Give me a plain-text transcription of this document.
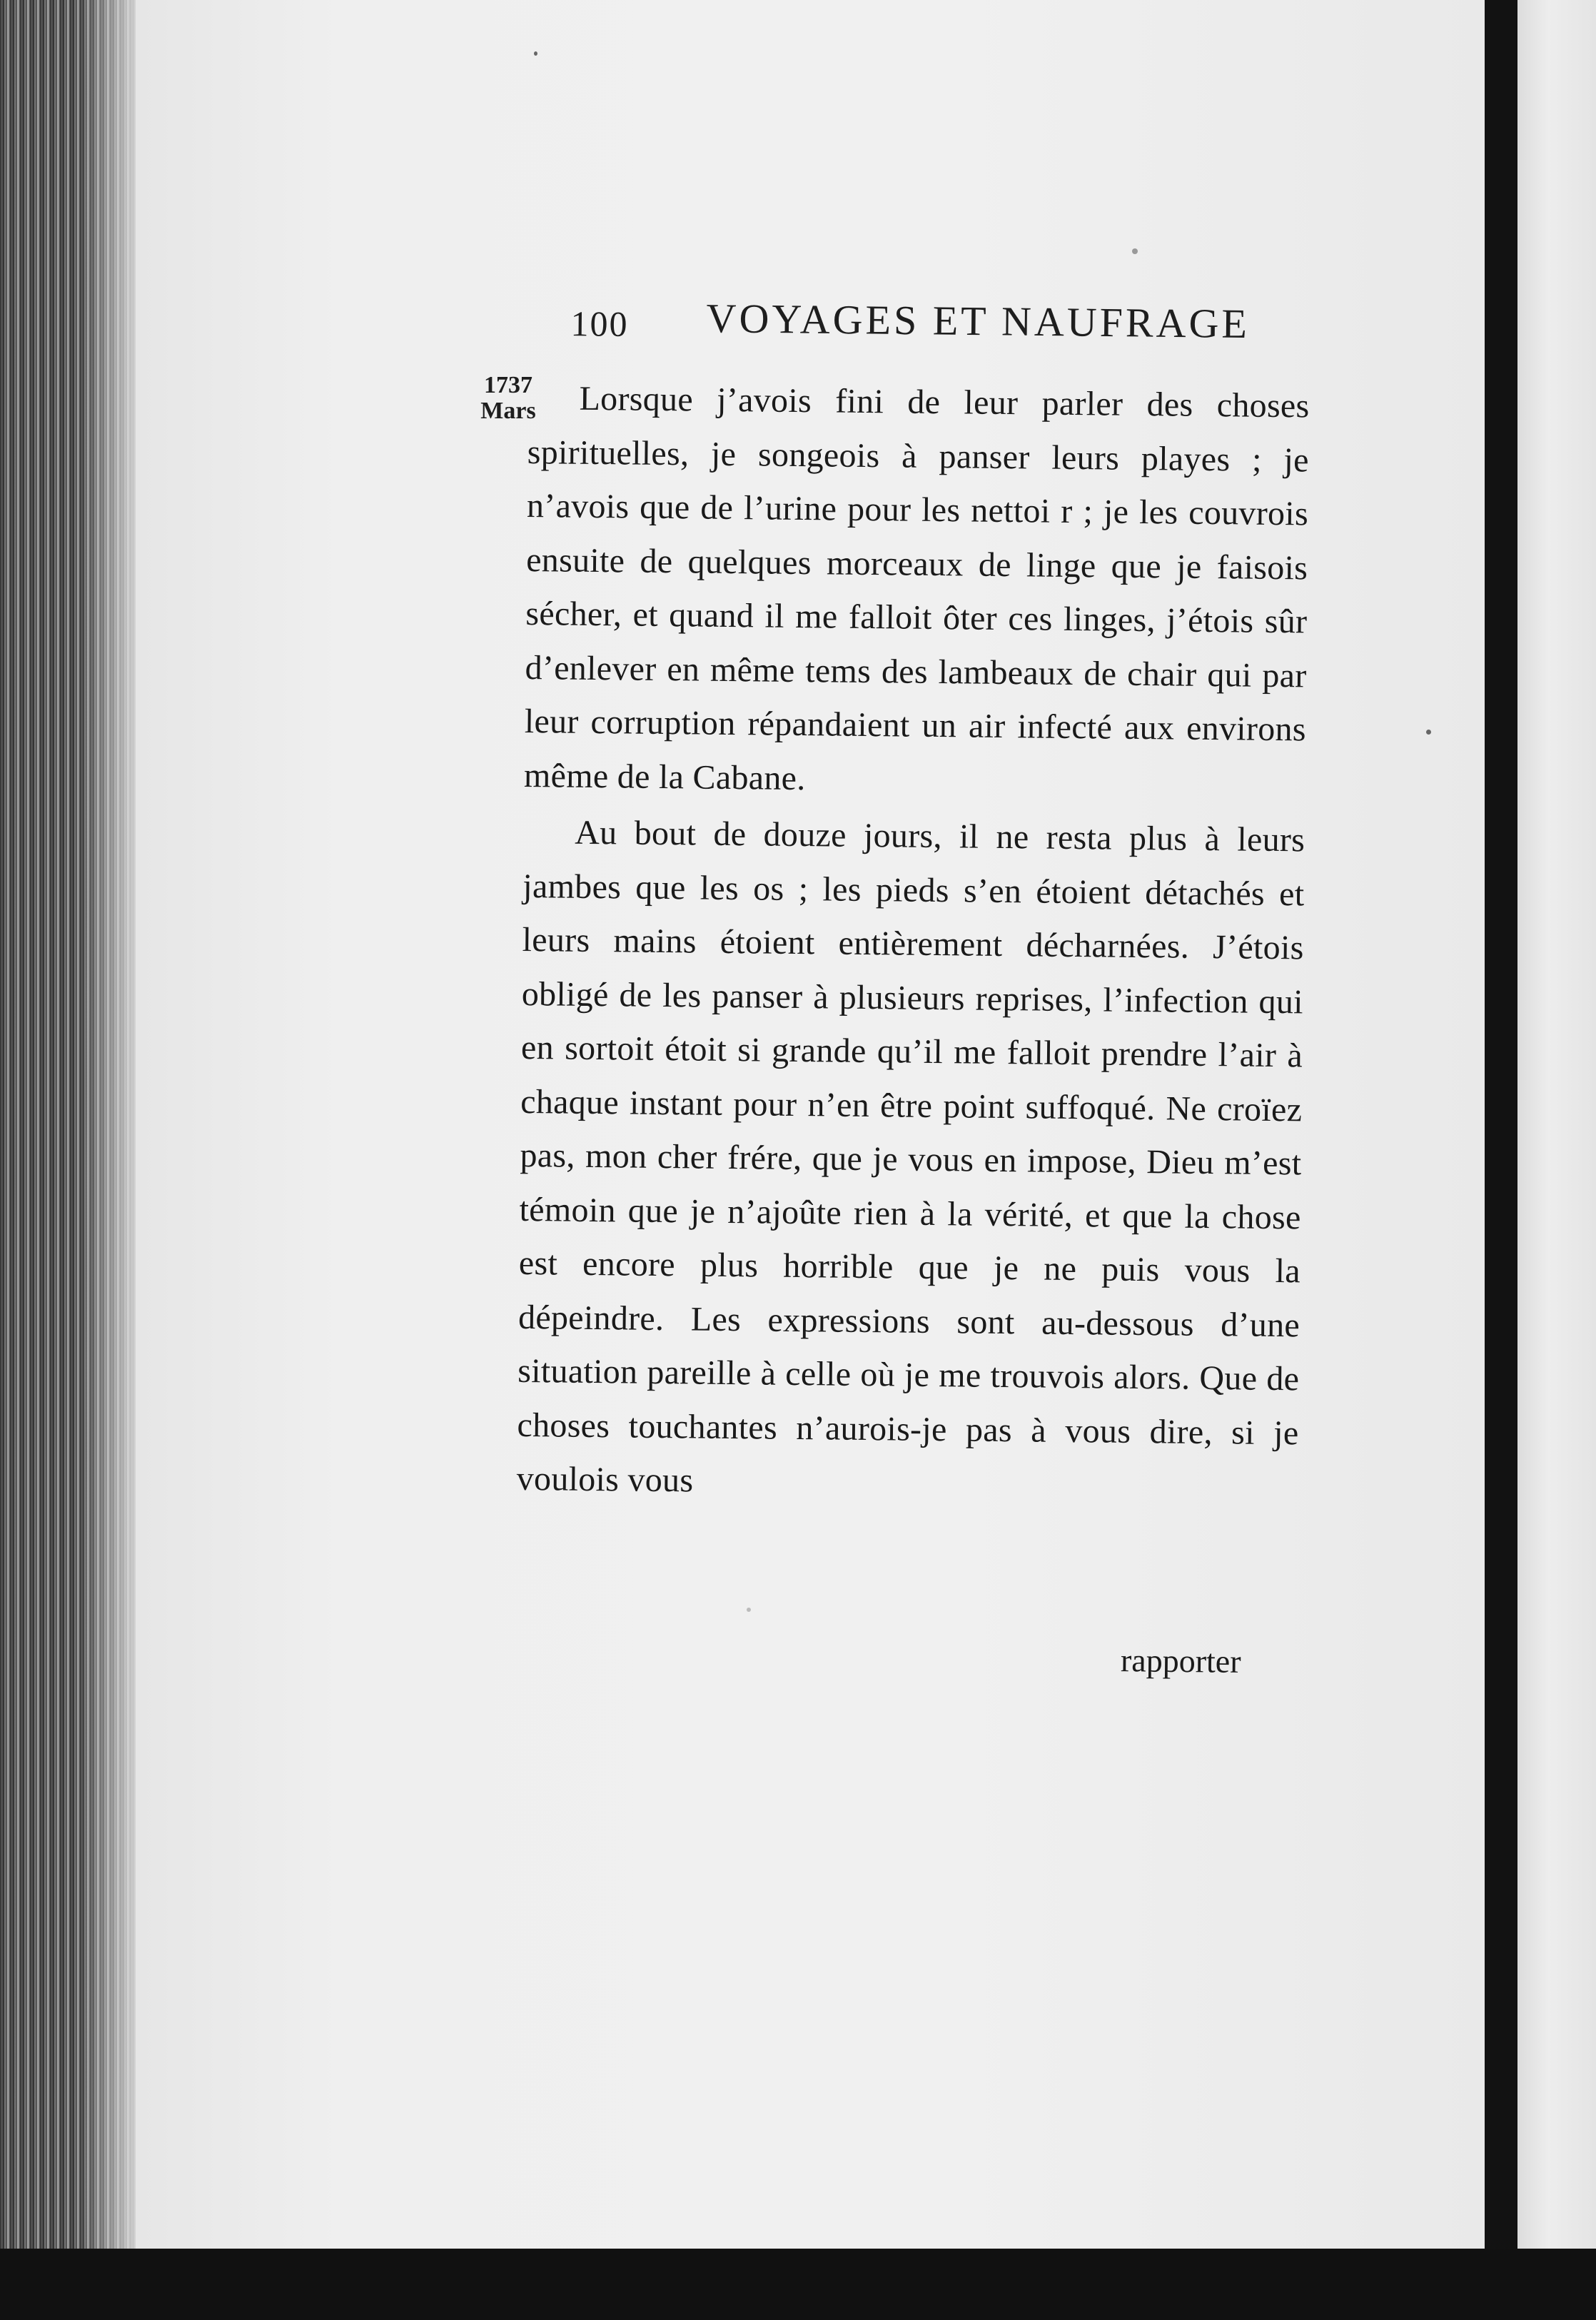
100 VOYAGES ET NAUFRAGE
1737
Mars	Lorsque j’avois fini de leur parler des choses spirituelles, je songeois à panser leurs playes ; je n’avois que de l’urine pour les nettoi r ; je les couvrois ensuite de quelques morceaux de linge que je faisois sécher, et quand il me falloit ôter ces linges, j’étois sûr d’enlever en même tems des lambeaux de chair qui par leur corruption répandaient un air infecté aux environs même de la Cabane.

Au bout de douze jours, il ne resta plus à leurs jambes que les os ; les pieds s’en étoient détachés et leurs mains étoient entièrement décharnées. J’étois obligé de les panser à plusieurs reprises, l’infection qui en sortoit étoit si grande qu’il me falloit prendre l’air à chaque instant pour n’en être point suffoqué. Ne croïez pas, mon cher frére, que je vous en impose, Dieu m’est témoin que je n’ajoûte rien à la vérité, et que la chose est encore plus horrible que je ne puis vous la dépeindre. Les expressions sont au-dessous d’une situation pareille à celle où je me trouvois alors. Que de choses touchantes n’aurois-je pas à vous dire, si je voulois vous

rapporter
